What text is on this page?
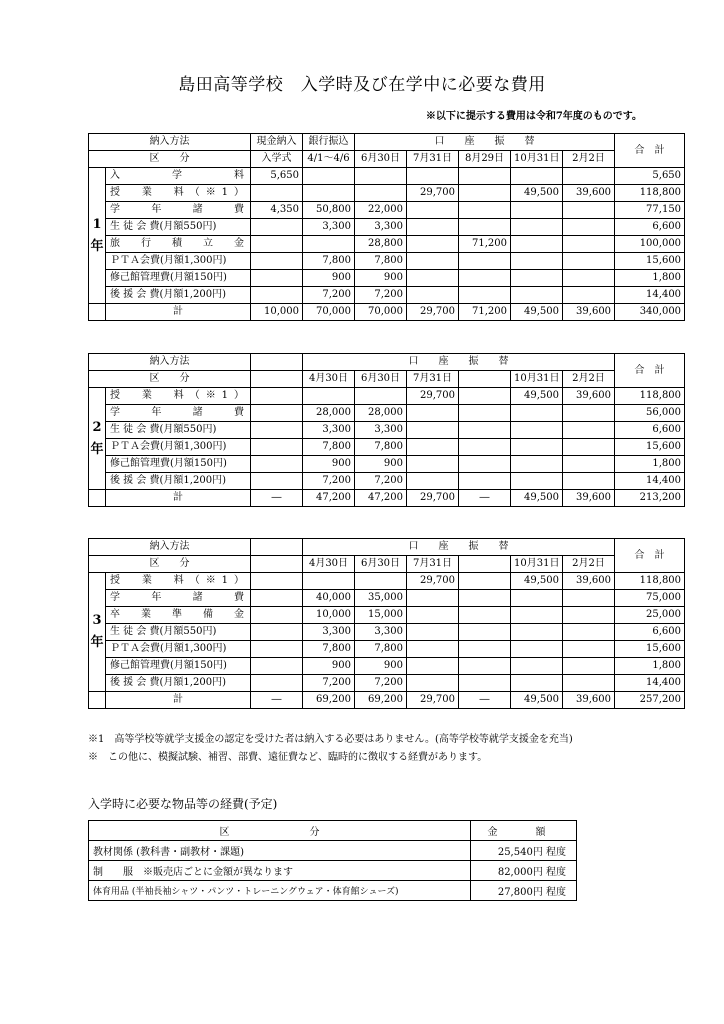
島田高等学校　入学時及び在学中に必要な費用
※以下に提示する費用は令和7年度のものです。
納入方法		現金納入	銀行振込	口　　座　　振　　替					合　計
区　　分		入学式	4/1～4/6	6月30日	7月31日	8月29日	10月31日	2月2日	
1 年	入　学　料	5,650							5,650
	授　業　料（※1）				29,700		49,500	39,600	118,800
	学　年　諸　費	4,350	50,800	22,000					77,150
	生 徒 会 費(月額550円)		3,300	3,300					6,600
	旅　行　積　立　金			28,800		71,200			100,000
	ＰＴＡ会費(月額1,300円)		7,800	7,800					15,600
	修己館管理費(月額150円)		900	900					1,800
	後 援 会 費(月額1,200円)		7,200	7,200					14,400
	計	10,000	70,000	70,000	29,700	71,200	49,500	39,600	340,000
納入方法			口　　座　　振　　替						合　計
区　　分			4月30日	6月30日	7月31日		10月31日	2月2日	
2 年	授　業　料（※1）				29,700		49,500	39,600	118,800
	学　年　諸　費		28,000	28,000					56,000
	生 徒 会 費(月額550円)		3,300	3,300					6,600
	ＰＴＡ会費(月額1,300円)		7,800	7,800					15,600
	修己館管理費(月額150円)		900	900					1,800
	後 援 会 費(月額1,200円)		7,200	7,200					14,400
	計	―	47,200	47,200	29,700	―	49,500	39,600	213,200
納入方法			口　　座　　振　　替						合　計
区　　分			4月30日	6月30日	7月31日		10月31日	2月2日	
3 年	授　業　料（※1）				29,700		49,500	39,600	118,800
	学　年　諸　費		40,000	35,000					75,000
	卒　業　準　備　金		10,000	15,000					25,000
	生 徒 会 費(月額550円)		3,300	3,300					6,600
	ＰＴＡ会費(月額1,300円)		7,800	7,800					15,600
	修己館管理費(月額150円)		900	900					1,800
	後 援 会 費(月額1,200円)		7,200	7,200					14,400
	計	―	69,200	69,200	29,700	―	49,500	39,600	257,200
※1　高等学校等就学支援金の認定を受けた者は納入する必要はありません。(高等学校等就学支援金を充当)
※　この他に、模擬試験、補習、部費、遠征費など、臨時的に徴収する経費があります。
入学時に必要な物品等の経費(予定)
区　　分	金　額
教材関係 (教科書・副教材・課題)	25,540円 程度
制　　服　※販売店ごとに金額が異なります	82,000円 程度
体育用品 (半袖長袖シャツ・パンツ・トレーニングウェア・体育館シューズ)	27,800円 程度
